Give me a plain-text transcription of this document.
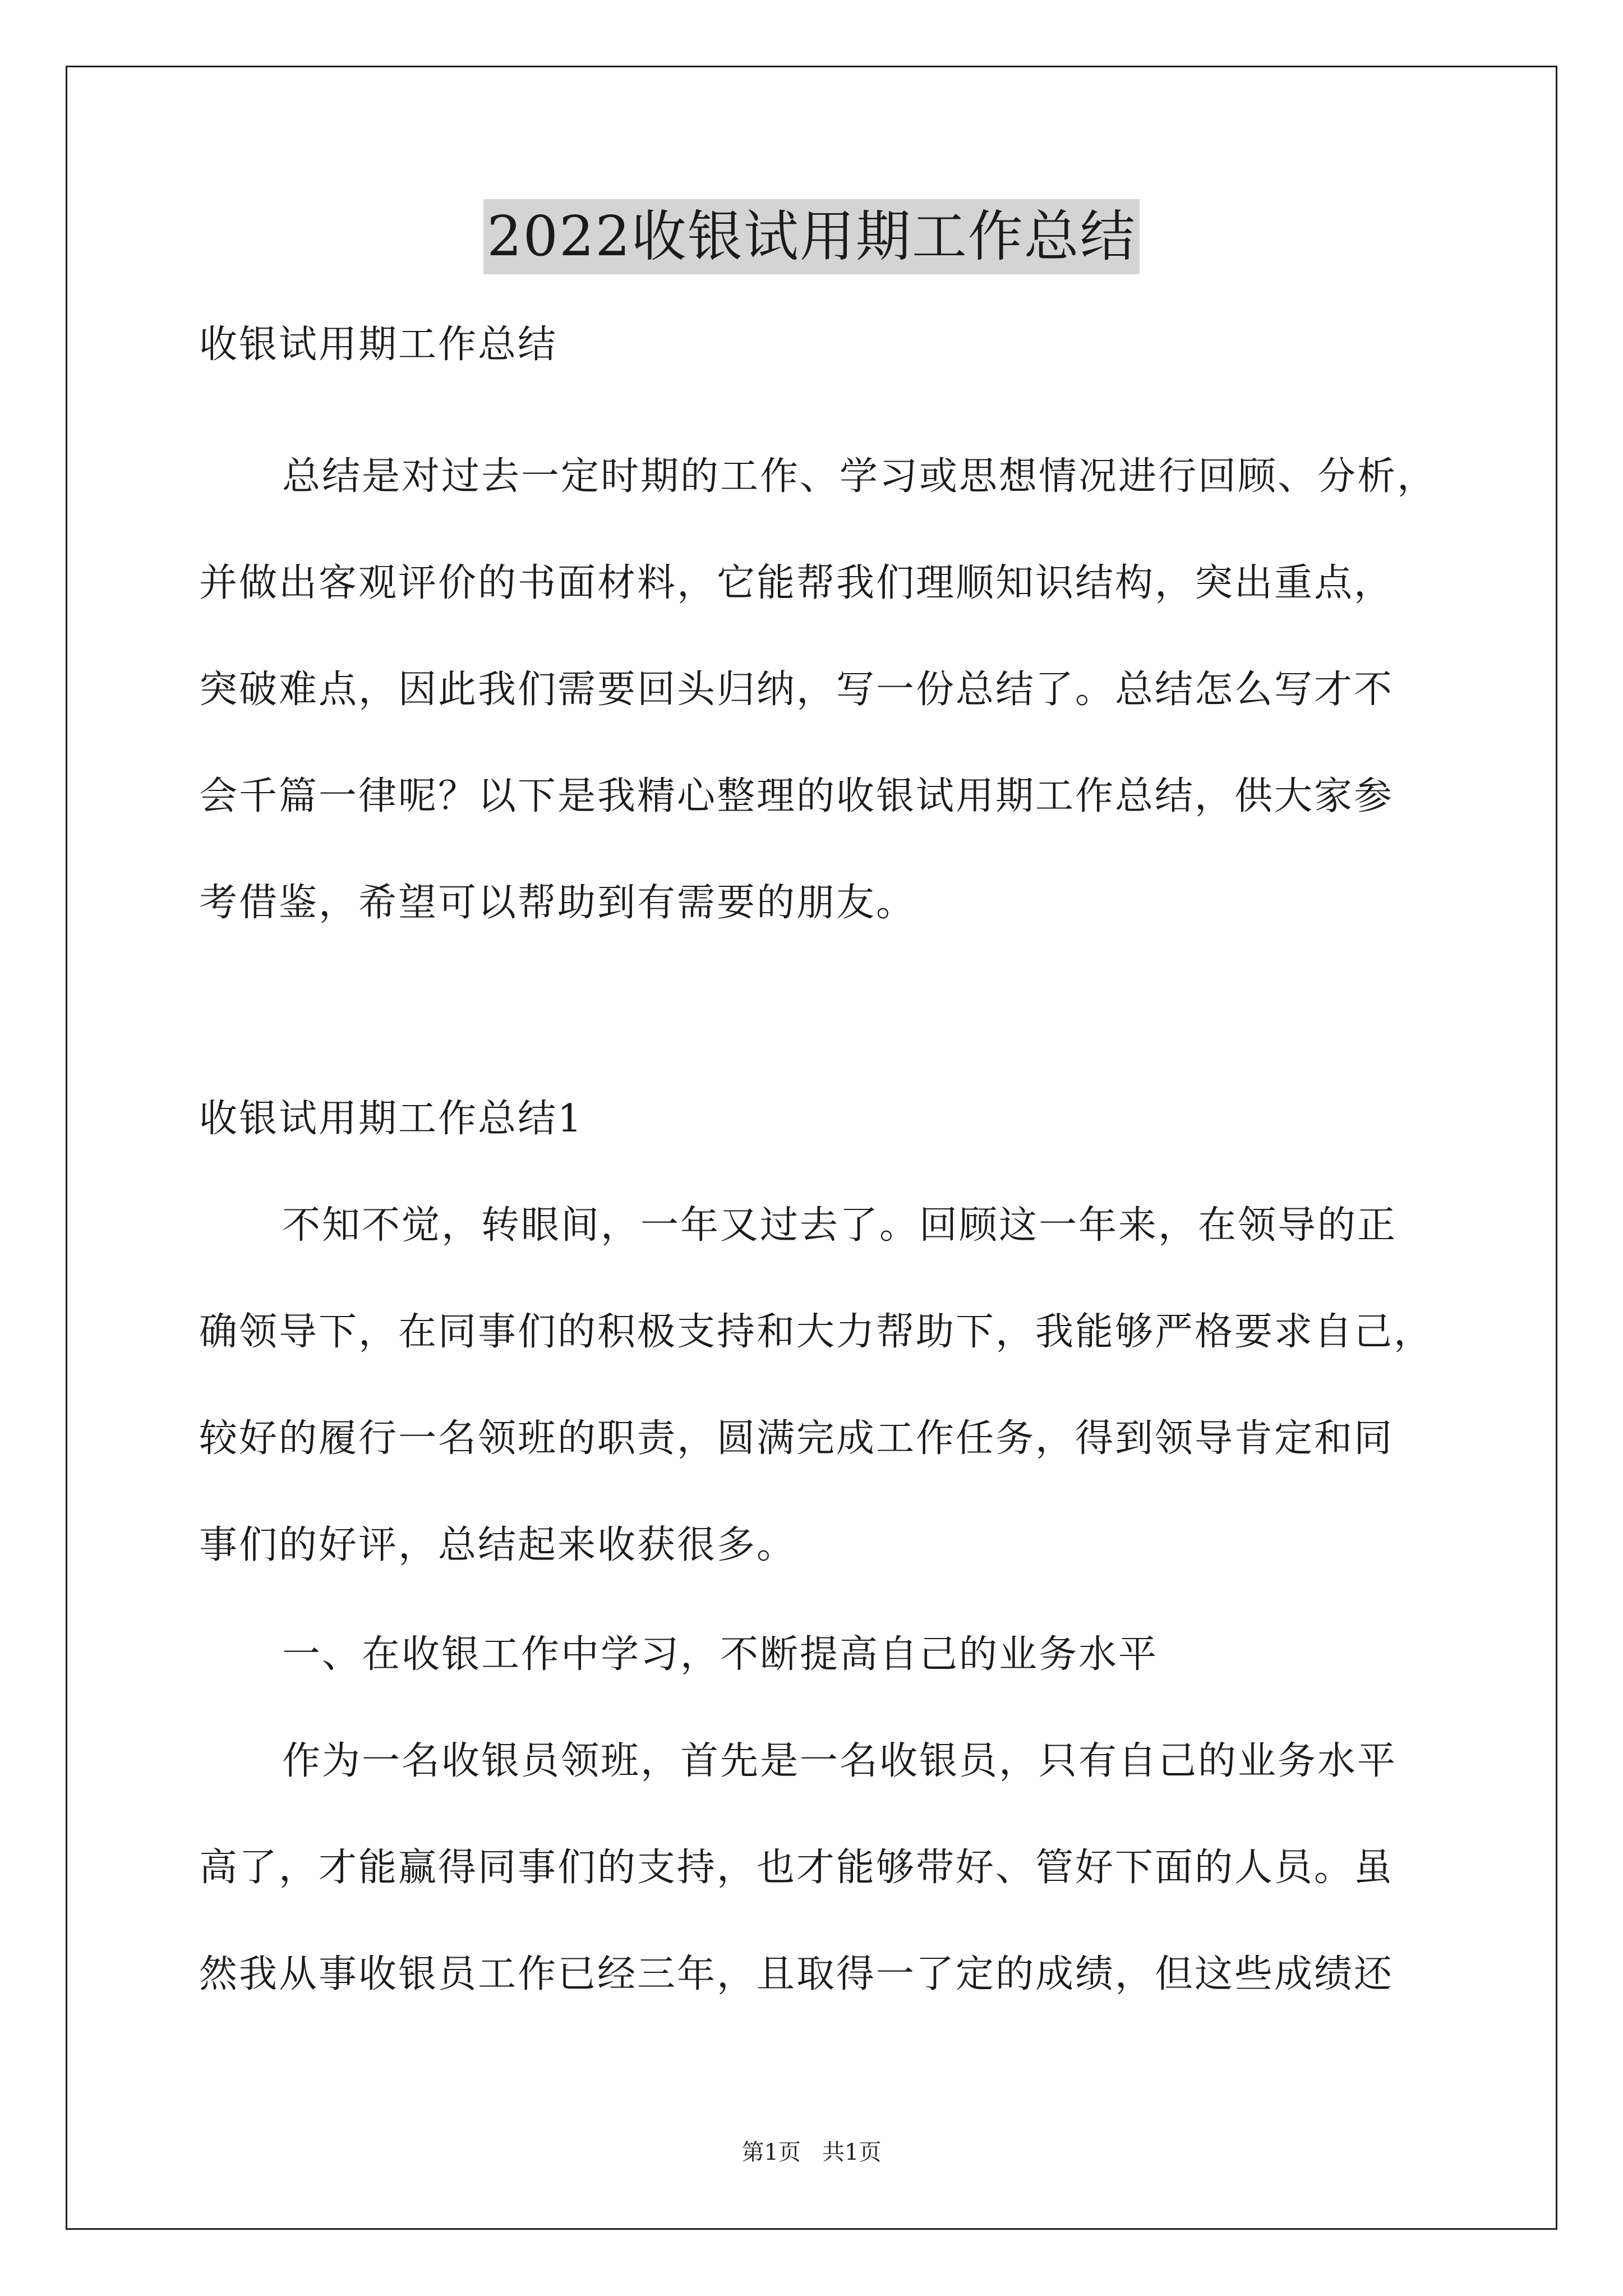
2022收银试用期工作总结
收银试用期工作总结
总结是对过去一定时期的工作、学习或思想情况进行回顾、分析，
并做出客观评价的书面材料，它能帮我们理顺知识结构，突出重点，
突破难点，因此我们需要回头归纳，写一份总结了。总结怎么写才不
会千篇一律呢？以下是我精心整理的收银试用期工作总结，供大家参
考借鉴，希望可以帮助到有需要的朋友。
收银试用期工作总结1
不知不觉，转眼间，一年又过去了。回顾这一年来，在领导的正
确领导下，在同事们的积极支持和大力帮助下，我能够严格要求自己，
较好的履行一名领班的职责，圆满完成工作任务，得到领导肯定和同
事们的好评，总结起来收获很多。
一、在收银工作中学习，不断提高自己的业务水平
作为一名收银员领班，首先是一名收银员，只有自己的业务水平
高了，才能赢得同事们的支持，也才能够带好、管好下面的人员。虽
然我从事收银员工作已经三年，且取得一了定的成绩，但这些成绩还
第1页   共1页
